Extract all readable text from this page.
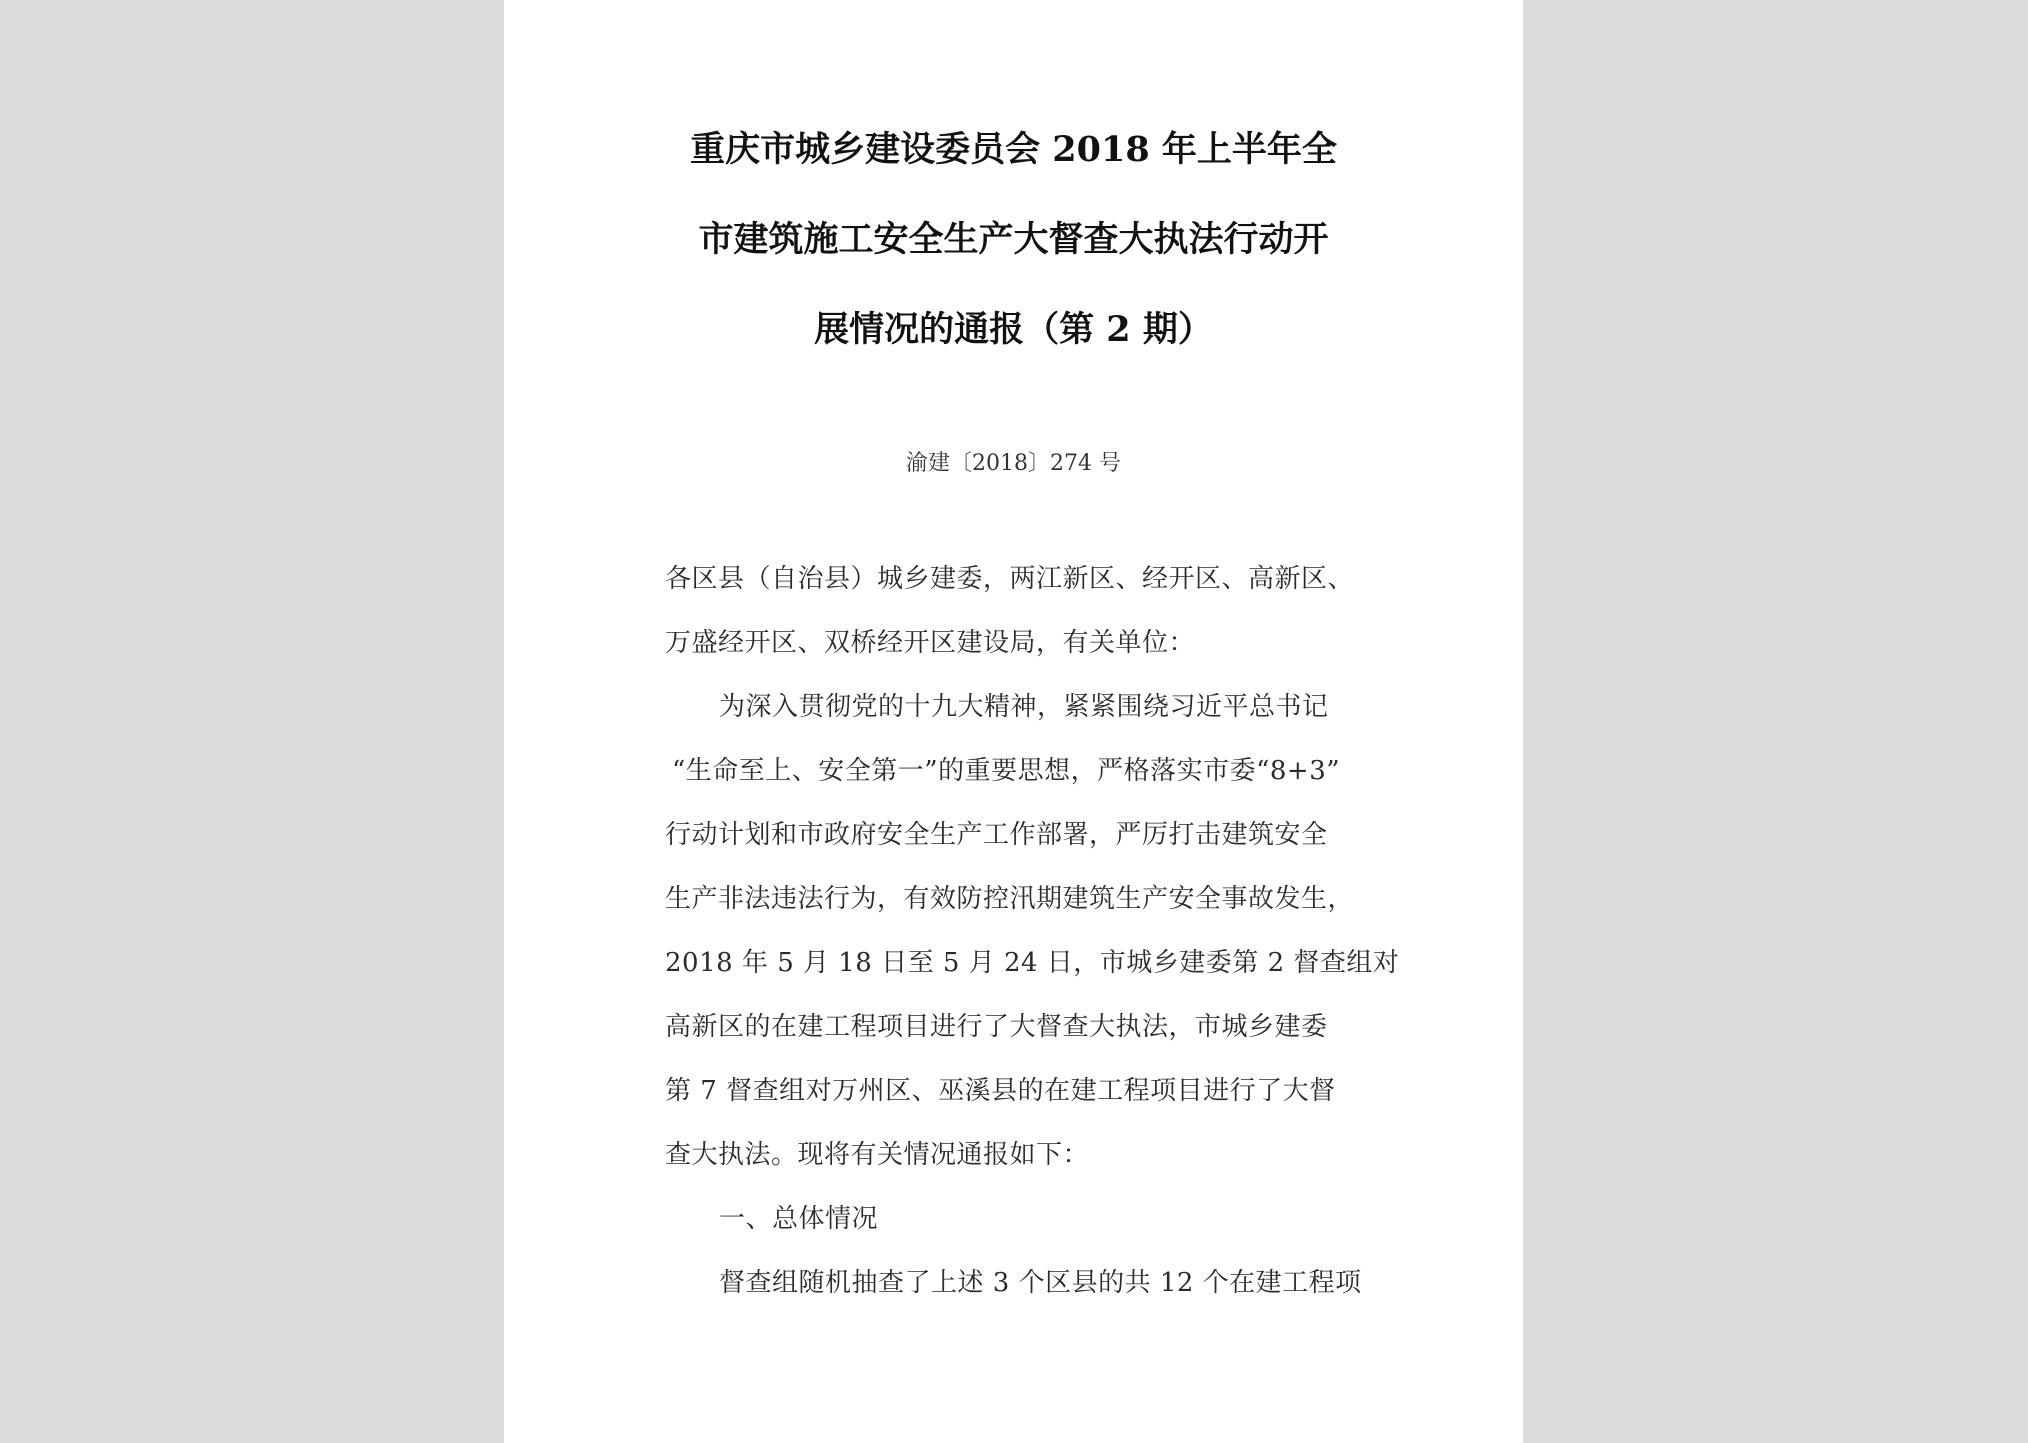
重庆市城乡建设委员会 2018 年上半年全
市建筑施工安全生产大督查大执法行动开
展情况的通报（第 2 期）
渝建〔2018〕274 号
各区县（自治县）城乡建委，两江新区、经开区、高新区、
万盛经开区、双桥经开区建设局，有关单位：
为深入贯彻党的十九大精神，紧紧围绕习近平总书记
“生命至上、安全第一”的重要思想，严格落实市委“8+3”
行动计划和市政府安全生产工作部署，严厉打击建筑安全
生产非法违法行为，有效防控汛期建筑生产安全事故发生，
2018 年 5 月 18 日至 5 月 24 日，市城乡建委第 2 督查组对
高新区的在建工程项目进行了大督查大执法，市城乡建委
第 7 督查组对万州区、巫溪县的在建工程项目进行了大督
查大执法。现将有关情况通报如下：
一、总体情况
督查组随机抽查了上述 3 个区县的共 12 个在建工程项
